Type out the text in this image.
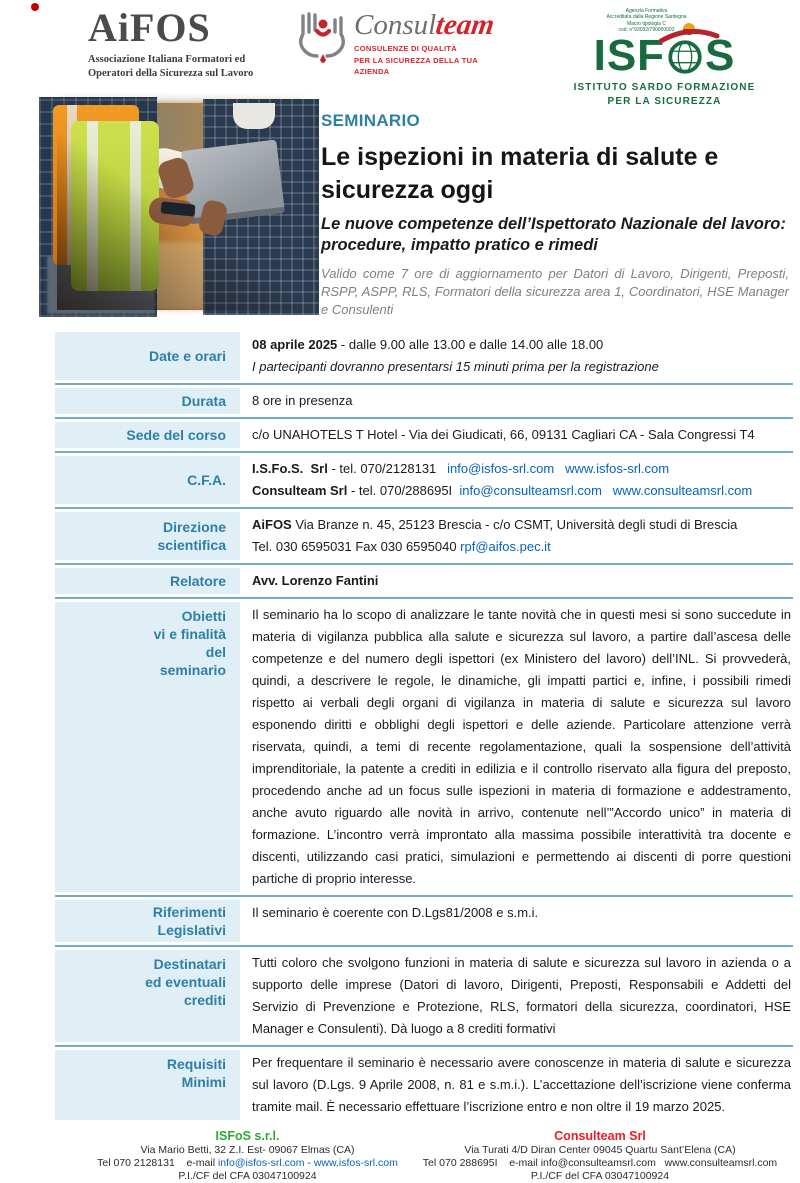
AiFOS
Associazione Italiana Formatori ed
Operatori della Sicurezza sul Lavoro
Consulteam
CONSULENZE DI QUALITÀ
PER LA SICUREZZA DELLA TUA AZIENDA
Agenzia Formativa
Accreditata dalla Regione Sardegna
Macro tipologia C
cod. n°93092/790000003
ISF S
ISTITUTO SARDO FORMAZIONE
PER LA SICUREZZA
SEMINARIO
Le ispezioni in materia di salute e sicurezza oggi
Le nuove competenze dell’Ispettorato Nazionale del lavoro: procedure, impatto pratico e rimedi
Valido come 7 ore di aggiornamento per Datori di Lavoro, Dirigenti, Preposti, RSPP, ASPP, RLS, Formatori della sicurezza area 1, Coordinatori, HSE Manager e Consulenti
Date e orari
08 aprile 2025 - dalle 9.00 alle 13.00 e dalle 14.00 alle 18.00
I partecipanti dovranno presentarsi 15 minuti prima per la registrazione
Durata 8 ore in presenza
Sede del corso c/o UNAHOTELS T Hotel - Via dei Giudicati, 66, 09131 Cagliari CA - Sala Congressi T4
C.F.A.
I.S.Fo.S.  Srl - tel. 070/2128131   info@isfos-srl.com www.isfos-srl.com
Consulteam Srl - tel. 070/288695I  info@consulteamsrl.com www.consulteamsrl.com
Direzione
scientifica
AiFOS Via Branze n. 45, 25123 Brescia - c/o CSMT, Università degli studi di Brescia
Tel. 030 6595031 Fax 030 6595040 rpf@aifos.pec.it
Relatore Avv. Lorenzo Fantini
Obietti
vi e finalità
del
seminario
Il seminario ha lo scopo di analizzare le tante novità che in questi mesi si sono succedute in materia di vigilanza pubblica alla salute e sicurezza sul lavoro, a partire dall’ascesa delle competenze e del numero degli ispettori (ex Ministero del lavoro) dell’INL. Si provvederà, quindi, a descrivere le regole, le dinamiche, gli impatti partici e, infine, i possibili rimedi rispetto ai verbali degli organi di vigilanza in materia di salute e sicurezza sul lavoro esponendo diritti e obblighi degli ispettori e delle aziende. Particolare attenzione verrà riservata, quindi, a temi di recente regolamentazione, quali la sospensione dell’attività imprenditoriale, la patente a crediti in edilizia e il controllo riservato alla figura del preposto, procedendo anche ad un focus sulle ispezioni in materia di formazione e addestramento, anche avuto riguardo alle novità in arrivo, contenute nell’”Accordo unico” in materia di formazione. L’incontro verrà improntato alla massima possibile interattività tra docente e discenti, utilizzando casi pratici, simulazioni e permettendo ai discenti di porre questioni partiche di proprio interesse.
Riferimenti
Legislativi
Il seminario è coerente con D.Lgs81/2008 e s.m.i.
Destinatari
ed eventuali
crediti
Tutti coloro che svolgono funzioni in materia di salute e sicurezza sul lavoro in azienda o a supporto delle imprese (Datori di lavoro, Dirigenti, Preposti, Responsabili e Addetti del Servizio di Prevenzione e Protezione, RLS, formatori della sicurezza, coordinatori, HSE Manager e Consulenti). Dà luogo a 8 crediti formativi
Requisiti
Minimi
Per frequentare il seminario è necessario avere conoscenze in materia di salute e sicurezza sul lavoro (D.Lgs. 9 Aprile 2008, n. 81 e s.m.i.). L’accettazione dell’iscrizione viene conferma tramite mail. È necessario effettuare l’iscrizione entro e non oltre il 19 marzo 2025.
ISFoS s.r.l.
Via Mario Betti, 32 Z.I. Est- 09067 Elmas (CA)
Tel 070 2128131    e-mail info@isfos-srl.com - www.isfos-srl.com
P.I./CF del CFA 03047100924
Consulteam Srl
Via Turati 4/D Diran Center 09045 Quartu Sant’Elena (CA)
Tel 070 288695I    e-mail info@consulteamsrl.com   www.consulteamsrl.com
P.I./CF del CFA 03047100924
